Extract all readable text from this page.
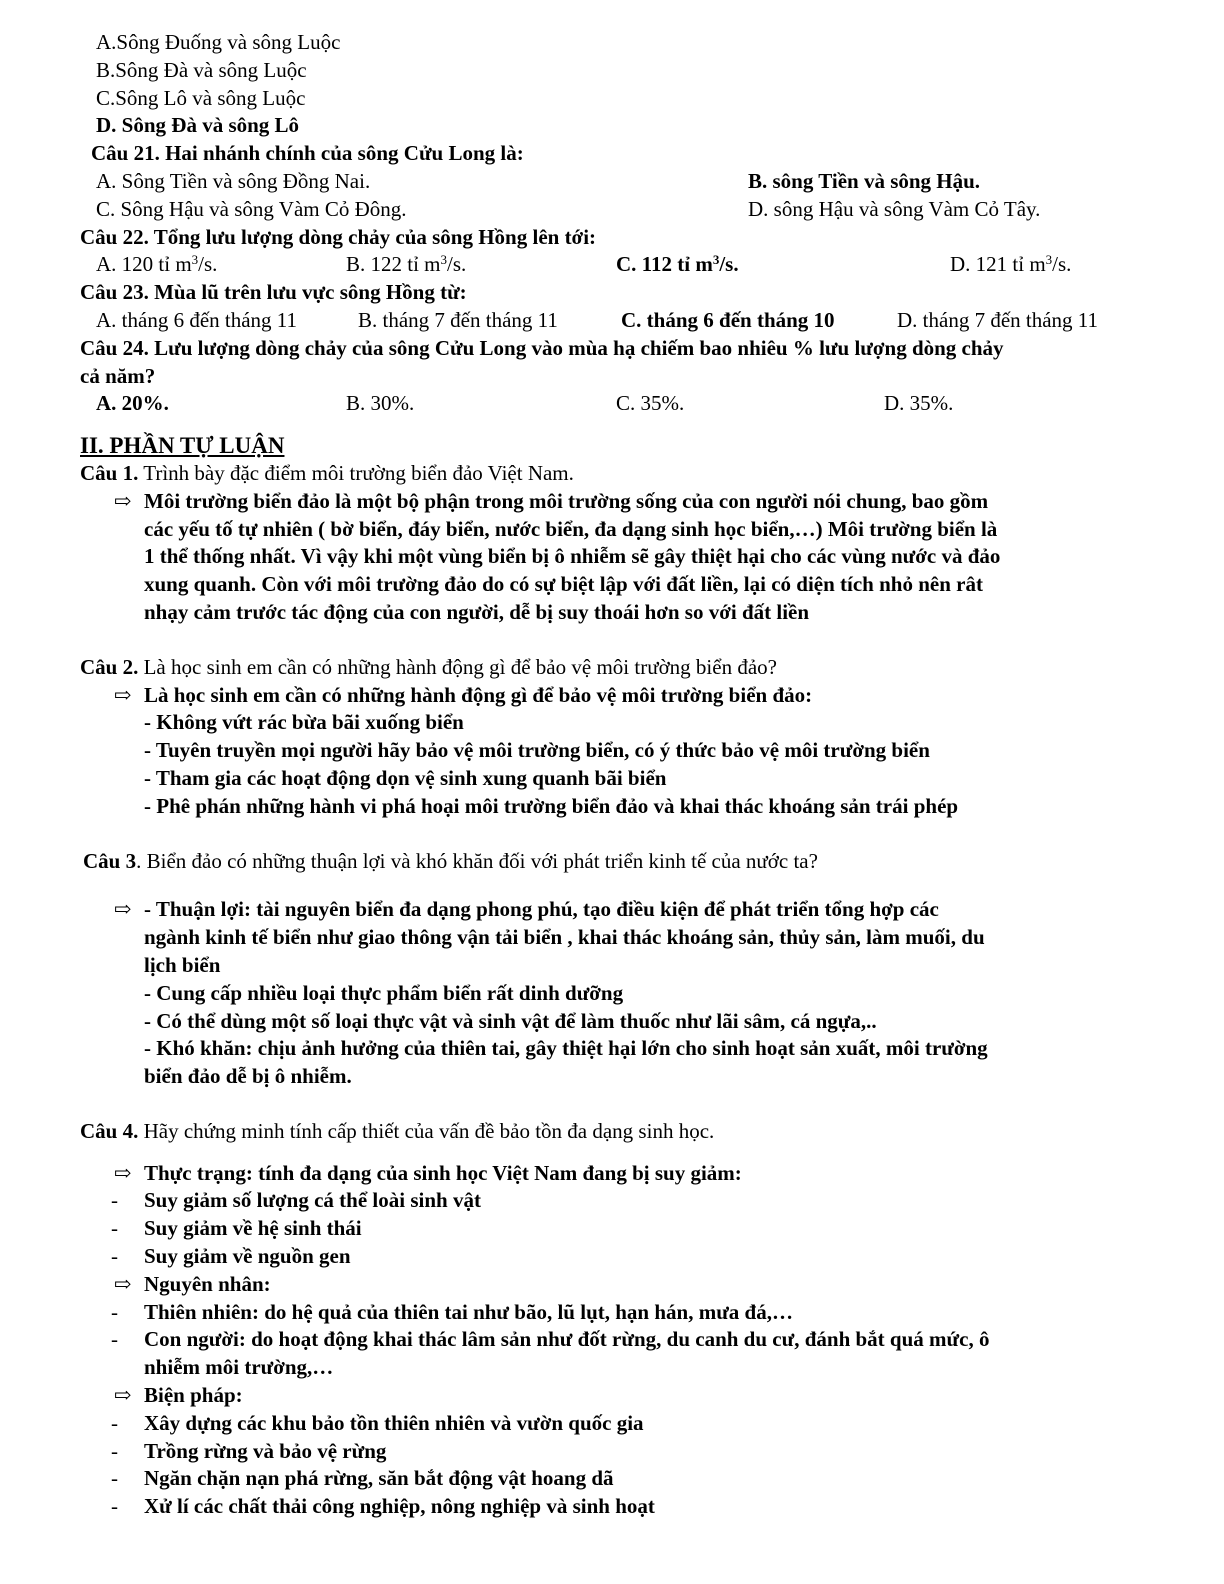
A.Sông Đuống và sông Luộc
B.Sông Đà và sông Luộc
C.Sông Lô và sông Luộc
D. Sông Đà và sông Lô
Câu 21. Hai nhánh chính của sông Cửu Long là:
A. Sông Tiền và sông Đồng Nai.	B. sông Tiền và sông Hậu.
C. Sông Hậu và sông Vàm Cỏ Đông.	D. sông Hậu và sông Vàm Cỏ Tây.
Câu 22. Tổng lưu lượng dòng chảy của sông Hồng lên tới:
A. 120 tỉ $m^3/s$.	B. 122 tỉ $m^3/s$.	C. 112 tỉ $m^3/s$.	D. 121 tỉ $m^3/s$.
Câu 23. Mùa lũ trên lưu vực sông Hồng từ:
A. tháng 6 đến tháng 11	B. tháng 7 đến tháng 11	C. tháng 6 đến tháng 10	D. tháng 7 đến tháng 11
Câu 24. Lưu lượng dòng chảy của sông Cửu Long vào mùa hạ chiếm bao nhiêu % lưu lượng dòng chảy
cả năm?
A. 20%.	B. 30%.	C. 35%.	D. 35%.
II. PHẦN TỰ LUẬN
Câu 1. Trình bày đặc điểm môi trường biển đảo Việt Nam.
⇨ Môi trường biển đảo là một bộ phận trong môi trường sống của con người nói chung, bao gồm
các yếu tố tự nhiên ( bờ biển, đáy biển, nước biển, đa dạng sinh học biển,…) Môi trường biển là
1 thể thống nhất. Vì vậy khi một vùng biển bị ô nhiễm sẽ gây thiệt hại cho các vùng nước và đảo
xung quanh. Còn với môi trường đảo do có sự biệt lập với đất liền, lại có diện tích nhỏ nên rât
nhạy cảm trước tác động của con người, dễ bị suy thoái hơn so với đất liền
Câu 2. Là học sinh em cần có những hành động gì để bảo vệ môi trường biển đảo?
⇨ Là học sinh em cần có những hành động gì để bảo vệ môi trường biển đảo:
- Không vứt rác bừa bãi xuống biển
- Tuyên truyền mọi người hãy bảo vệ môi trường biển, có ý thức bảo vệ môi trường biển
- Tham gia các hoạt động dọn vệ sinh xung quanh bãi biển
- Phê phán những hành vi phá hoại môi trường biển đảo và khai thác khoáng sản trái phép
Câu 3. Biển đảo có những thuận lợi và khó khăn đối với phát triển kinh tế của nước ta?
⇨ - Thuận lợi: tài nguyên biển đa dạng phong phú, tạo điều kiện để phát triển tổng hợp các
ngành kinh tế biển như giao thông vận tải biển , khai thác khoáng sản, thủy sản, làm muối, du
lịch biển
- Cung cấp nhiều loại thực phẩm biển rất dinh dưỡng
- Có thể dùng một số loại thực vật và sinh vật để làm thuốc như lãi sâm, cá ngựa,..
- Khó khăn: chịu ảnh hưởng của thiên tai, gây thiệt hại lớn cho sinh hoạt sản xuất, môi trường
biển đảo dễ bị ô nhiễm.
Câu 4. Hãy chứng minh tính cấp thiết của vấn đề bảo tồn đa dạng sinh học.
⇨ Thực trạng: tính đa dạng của sinh học Việt Nam đang bị suy giảm:
- Suy giảm số lượng cá thể loài sinh vật
- Suy giảm về hệ sinh thái
- Suy giảm về nguồn gen
⇨ Nguyên nhân:
- Thiên nhiên: do hệ quả của thiên tai như bão, lũ lụt, hạn hán, mưa đá,…
- Con người: do hoạt động khai thác lâm sản như đốt rừng, du canh du cư, đánh bắt quá mức, ô
nhiễm môi trường,…
⇨ Biện pháp:
- Xây dựng các khu bảo tồn thiên nhiên và vườn quốc gia
- Trồng rừng và bảo vệ rừng
- Ngăn chặn nạn phá rừng, săn bắt động vật hoang dã
- Xử lí các chất thải công nghiệp, nông nghiệp và sinh hoạt
